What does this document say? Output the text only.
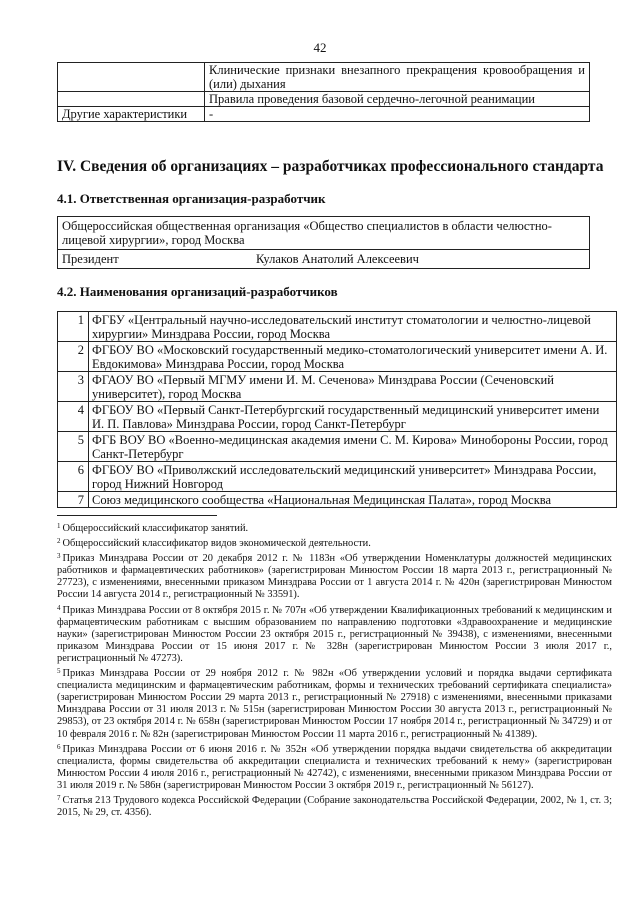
42
	Клинические признаки внезапного прекращения кровообращения и (или) дыхания
	Правила проведения базовой сердечно-легочной реанимации
Другие характеристики	-
IV. Сведения об организациях – разработчиках профессионального стандарта
4.1. Ответственная организация-разработчик
Общероссийская общественная организация «Общество специалистов в области челюстно-лицевой хирургии», город Москва
Президент	Кулаков Анатолий Алексеевич
4.2. Наименования организаций-разработчиков
1	ФГБУ «Центральный научно-исследовательский институт стоматологии и челюстно-лицевой хирургии» Минздрава России, город Москва
2	ФГБОУ ВО «Московский государственный медико-стоматологический университет имени А. И. Евдокимова» Минздрава России, город Москва
3	ФГАОУ ВО «Первый МГМУ имени И. М. Сеченова» Минздрава России (Сеченовский университет), город Москва
4	ФГБОУ ВО «Первый Санкт-Петербургский государственный медицинский университет имени И. П. Павлова» Минздрава России, город Санкт-Петербург
5	ФГБ ВОУ ВО «Военно-медицинская академия имени С. М. Кирова» Минобороны России, город Санкт-Петербург
6	ФГБОУ ВО «Приволжский исследовательский медицинский университет» Минздрава России, город Нижний Новгород
7	Союз медицинского сообщества «Национальная Медицинская Палата», город Москва

$^1$ Общероссийский классификатор занятий.

$^2$ Общероссийский классификатор видов экономической деятельности.

$^3$ Приказ Минздрава России от 20 декабря 2012 г. № 1183н «Об утверждении Номенклатуры должностей медицинских работников и фармацевтических работников» (зарегистрирован Минюстом России 18 марта 2013 г., регистрационный № 27723), с изменениями, внесенными приказом Минздрава России от 1 августа 2014 г. № 420н (зарегистрирован Минюстом России 14 августа 2014 г., регистрационный № 33591).

$^4$ Приказ Минздрава России от 8 октября 2015 г. № 707н «Об утверждении Квалификационных требований к медицинским и фармацевтическим работникам с высшим образованием по направлению подготовки «Здравоохранение и медицинские науки» (зарегистрирован Минюстом России 23 октября 2015 г., регистрационный № 39438), с изменениями, внесенными приказом Минздрава России от 15 июня 2017 г. № 328н (зарегистрирован Минюстом России 3 июля 2017 г., регистрационный № 47273).

$^5$ Приказ Минздрава России от 29 ноября 2012 г. № 982н «Об утверждении условий и порядка выдачи сертификата специалиста медицинским и фармацевтическим работникам, формы и технических требований сертификата специалиста» (зарегистрирован Минюстом России 29 марта 2013 г., регистрационный № 27918) с изменениями, внесенными приказами Минздрава России от 31 июля 2013 г. № 515н (зарегистрирован Минюстом России 30 августа 2013 г., регистрационный № 29853), от 23 октября 2014 г. № 658н (зарегистрирован Минюстом России 17 ноября 2014 г., регистрационный № 34729) и от 10 февраля 2016 г. № 82н (зарегистрирован Минюстом России 11 марта 2016 г., регистрационный № 41389).

$^6$ Приказ Минздрава России от 6 июня 2016 г. № 352н «Об утверждении порядка выдачи свидетельства об аккредитации специалиста, формы свидетельства об аккредитации специалиста и технических требований к нему» (зарегистрирован Минюстом России 4 июля 2016 г., регистрационный № 42742), с изменениями, внесенными приказом Минздрава России от 31 июля 2019 г. № 586н (зарегистрирован Минюстом России 3 октября 2019 г., регистрационный № 56127).

$^7$ Статья 213 Трудового кодекса Российской Федерации (Собрание законодательства Российской Федерации, 2002, № 1, ст. 3; 2015, № 29, ст. 4356).
